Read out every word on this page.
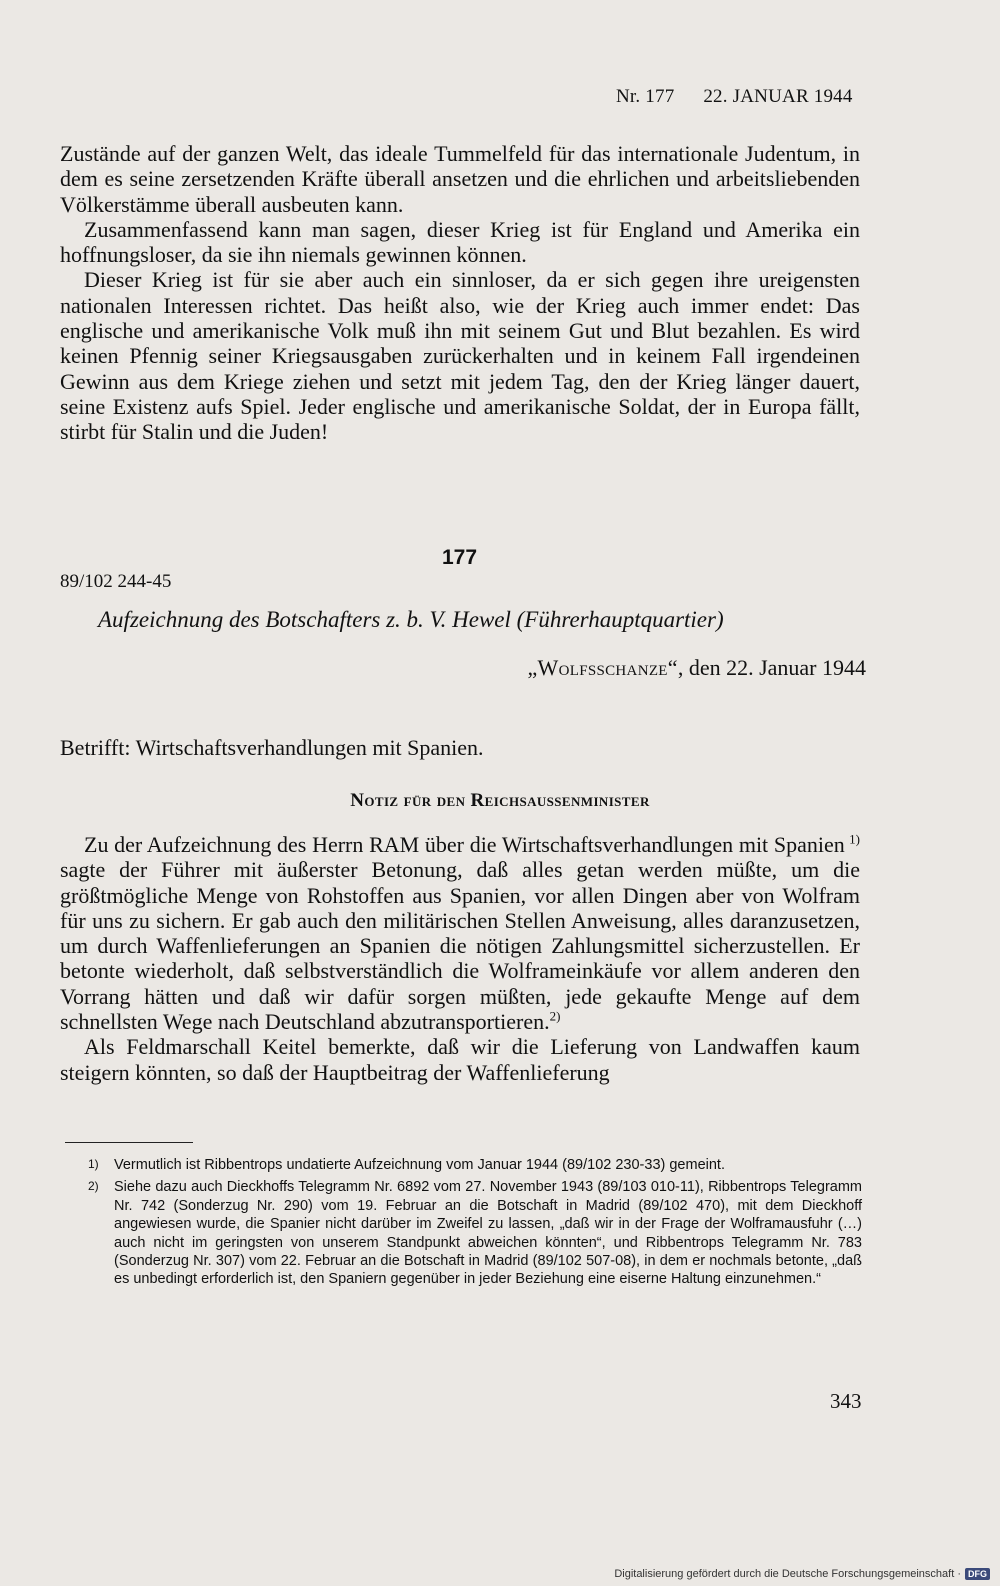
Nr. 177 22. JANUAR 1944

Zustände auf der ganzen Welt, das ideale Tummelfeld für das internationale Judentum, in dem es seine zersetzenden Kräfte überall ansetzen und die ehrlichen und arbeitsliebenden Völkerstämme überall ausbeuten kann.

Zusammenfassend kann man sagen, dieser Krieg ist für England und Amerika ein hoffnungsloser, da sie ihn niemals gewinnen können.

Dieser Krieg ist für sie aber auch ein sinnloser, da er sich gegen ihre ureigensten nationalen Interessen richtet. Das heißt also, wie der Krieg auch immer endet: Das englische und amerikanische Volk muß ihn mit seinem Gut und Blut bezahlen. Es wird keinen Pfennig seiner Kriegsausgaben zurückerhalten und in keinem Fall irgendeinen Gewinn aus dem Kriege ziehen und setzt mit jedem Tag, den der Krieg länger dauert, seine Existenz aufs Spiel. Jeder englische und amerikanische Soldat, der in Europa fällt, stirbt für Stalin und die Juden!

177
89/102 244-45
Aufzeichnung des Botschafters z. b. V. Hewel (Führerhauptquartier)
„Wolfsschanze“, den 22. Januar 1944
Betrifft: Wirtschaftsverhandlungen mit Spanien.
Notiz für den Reichsaussenminister

Zu der Aufzeichnung des Herrn RAM über die Wirtschaftsverhandlungen mit Spanien  $^{1)}$ sagte der Führer mit äußerster Betonung, daß alles getan werden müßte, um die größtmögliche Menge von Rohstoffen aus Spanien, vor allen Dingen aber von Wolfram für uns zu sichern. Er gab auch den militärischen Stellen Anweisung, alles daranzusetzen, um durch Waffenlieferungen an Spanien die nötigen Zahlungsmittel sicherzustellen. Er betonte wiederholt, daß selbstverständlich die Wolframeinkäufe vor allem anderen den Vorrang hätten und daß wir dafür sorgen müßten, jede gekaufte Menge auf dem schnellsten Wege nach Deutschland abzutransportieren.$^{2)}$

Als Feldmarschall Keitel bemerkte, daß wir die Lieferung von Landwaffen kaum steigern könnten, so daß der Hauptbeitrag der Waffenlieferung

1) Vermutlich ist Ribbentrops undatierte Aufzeichnung vom Januar 1944 (89/102 230-33) gemeint.
2) Siehe dazu auch Dieckhoffs Telegramm Nr. 6892 vom 27. November 1943 (89/103 010-11), Ribbentrops Telegramm Nr. 742 (Sonderzug Nr. 290) vom 19. Februar an die Botschaft in Madrid (89/102 470), mit dem Dieckhoff angewiesen wurde, die Spanier nicht darüber im Zweifel zu lassen, „daß wir in der Frage der Wolframausfuhr (…) auch nicht im geringsten von unserem Standpunkt abweichen könnten“, und Ribbentrops Telegramm Nr. 783 (Sonderzug Nr. 307) vom 22. Februar an die Botschaft in Madrid (89/102 507-08), in dem er nochmals betonte, „daß es unbedingt erforderlich ist, den Spaniern gegenüber in jeder Beziehung eine eiserne Haltung einzunehmen.“
343
Digitalisierung gefördert durch die Deutsche Forschungsgemeinschaft · DFG
